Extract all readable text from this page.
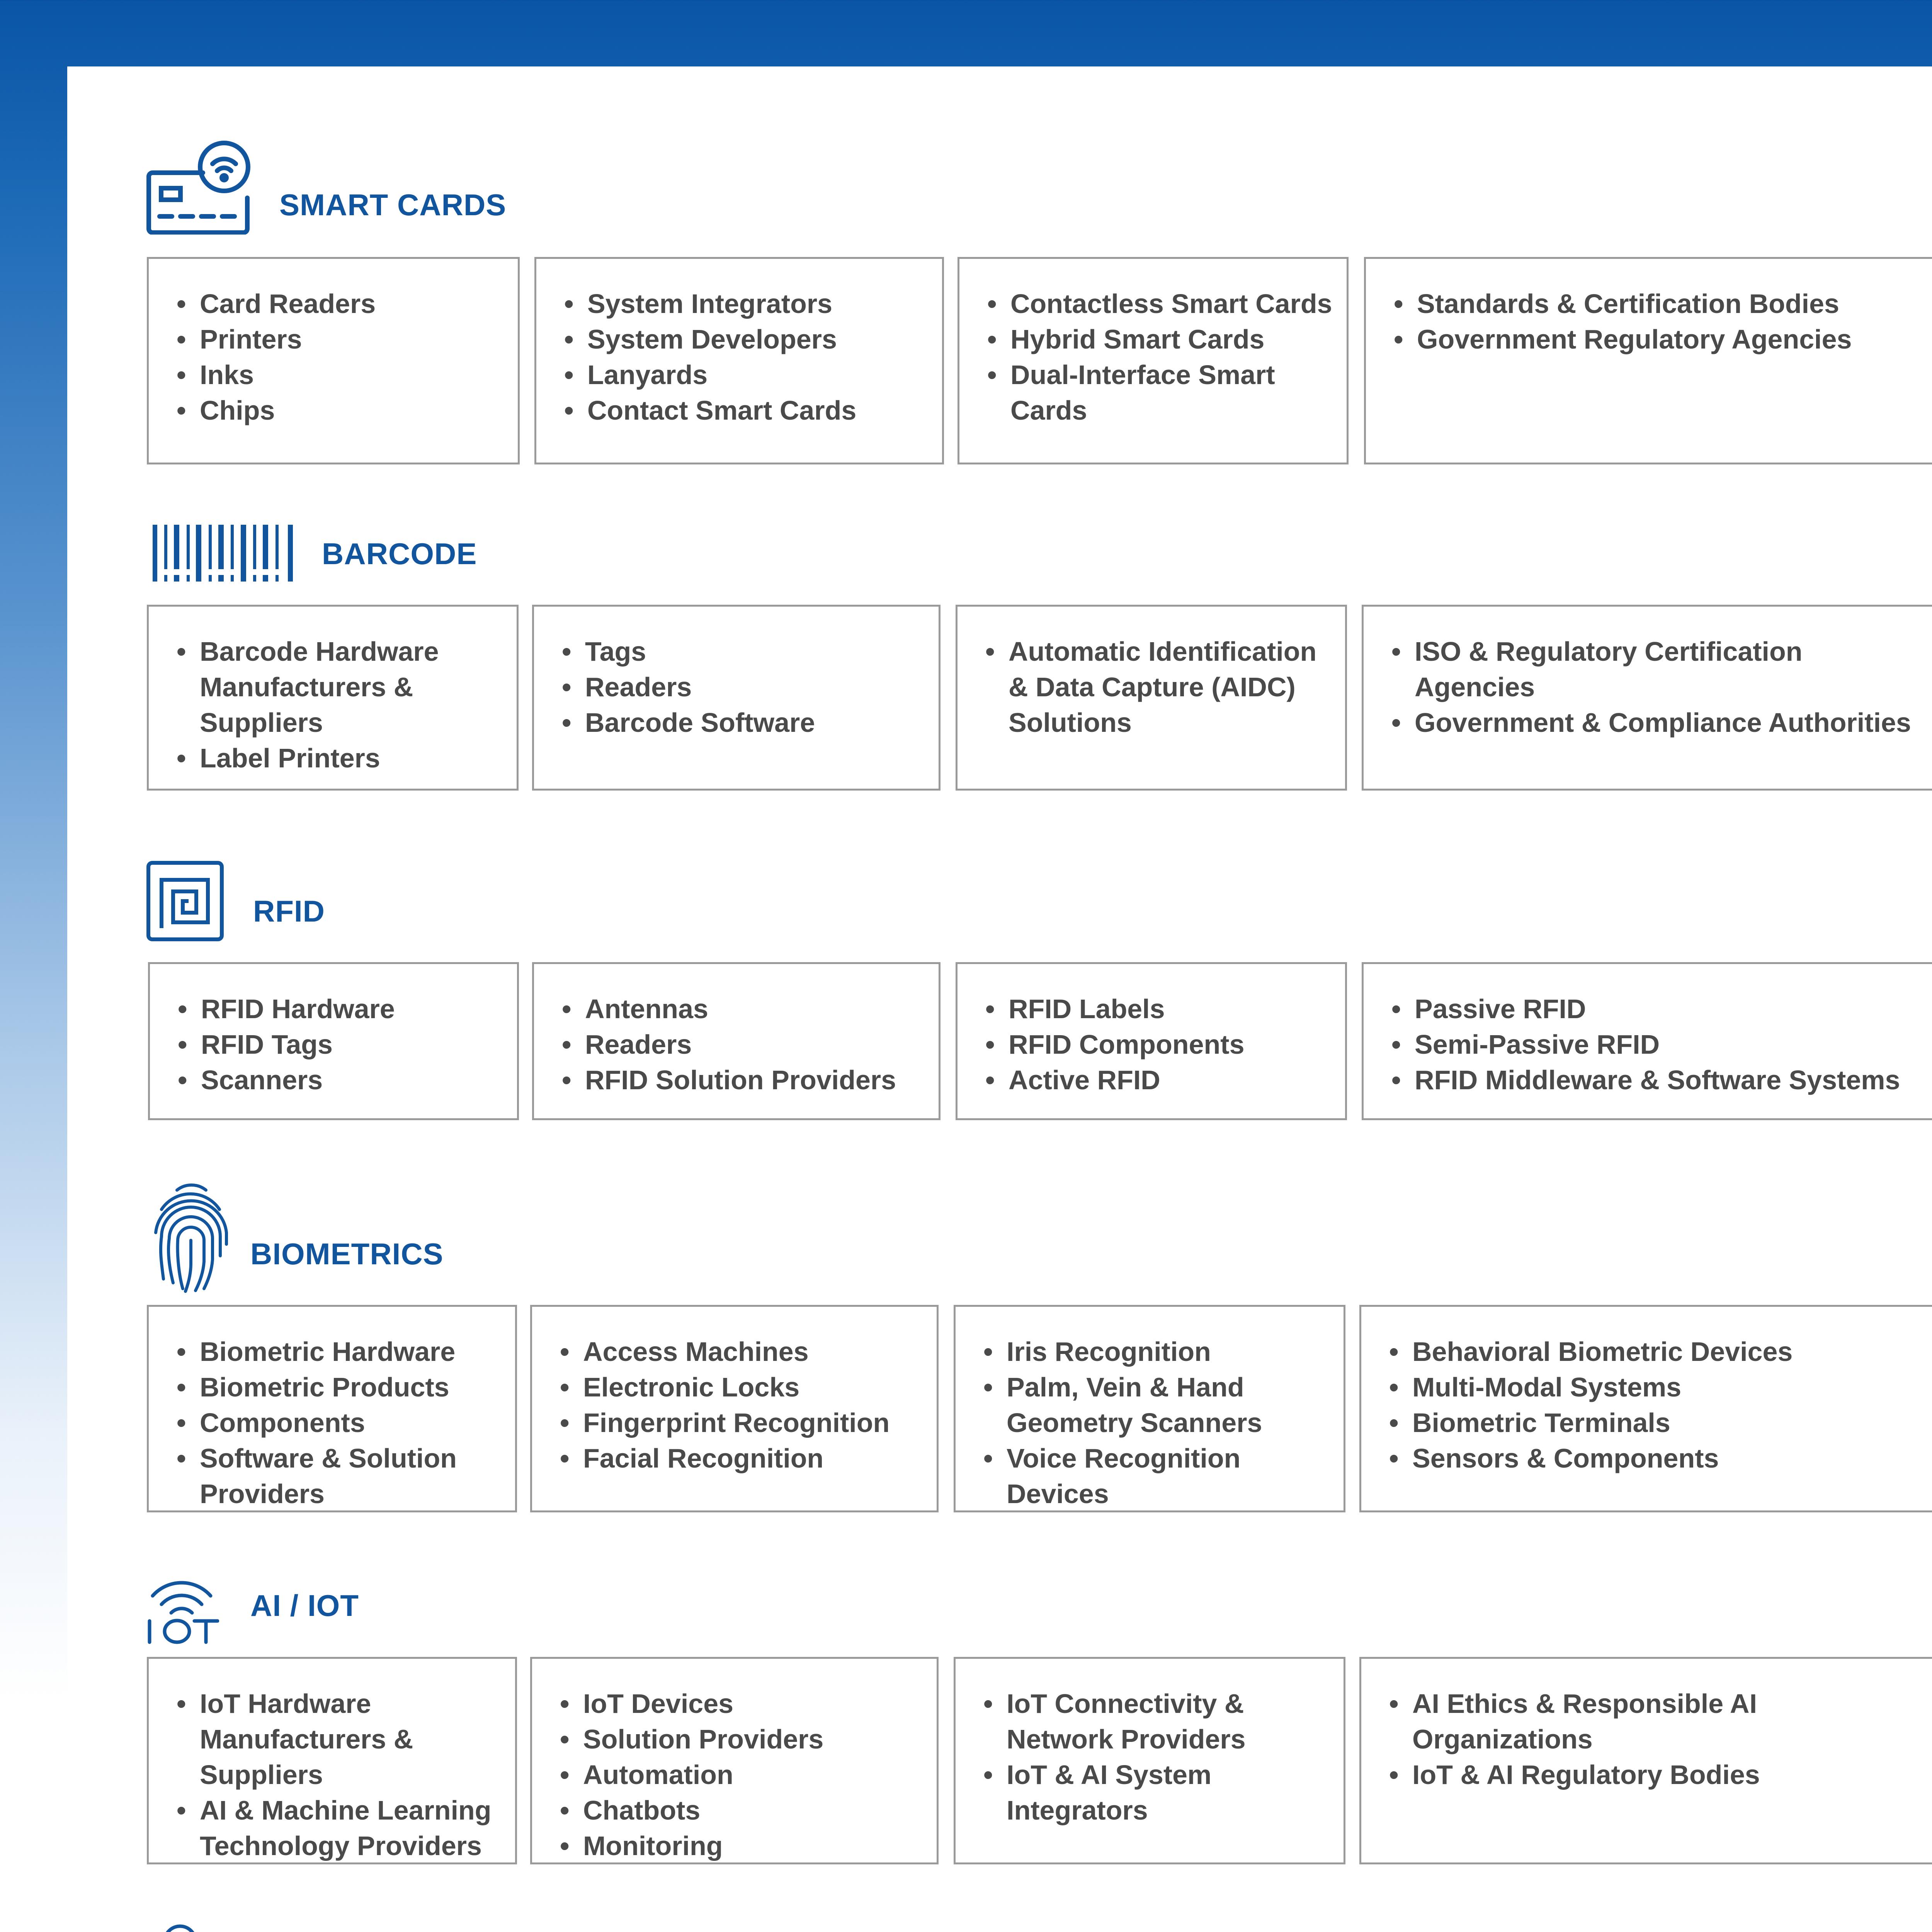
SMART CARDS
• Card Readers
• Printers
• Inks
• Chips
• System Integrators
• System Developers
• Lanyards
• Contact Smart Cards
• Contactless Smart Cards
• Hybrid Smart Cards
• Dual-Interface Smart Cards
• Standards & Certification Bodies
• Government Regulatory Agencies
BARCODE
• Barcode Hardware Manufacturers & Suppliers
• Label Printers
• Tags
• Readers
• Barcode Software
• Automatic Identification & Data Capture (AIDC) Solutions
• ISO & Regulatory Certification Agencies
• Government & Compliance Authorities
RFID
• RFID Hardware
• RFID Tags
• Scanners
• Antennas
• Readers
• RFID Solution Providers
• RFID Labels
• RFID Components
• Active RFID
• Passive RFID
• Semi-Passive RFID
• RFID Middleware & Software Systems
BIOMETRICS
• Biometric Hardware
• Biometric Products
• Components
• Software & Solution Providers
• Access Machines
• Electronic Locks
• Fingerprint Recognition
• Facial Recognition
• Iris Recognition
• Palm, Vein & Hand Geometry Scanners
• Voice Recognition Devices
• Behavioral Biometric Devices
• Multi-Modal Systems
• Biometric Terminals
• Sensors & Components
AI / IOT
• IoT Hardware Manufacturers & Suppliers
• AI & Machine Learning Technology Providers
• IoT Devices
• Solution Providers
• Automation
• Chatbots
• Monitoring
• IoT Connectivity & Network Providers
• IoT & AI System Integrators
• AI Ethics & Responsible AI Organizations
• IoT & AI Regulatory Bodies
